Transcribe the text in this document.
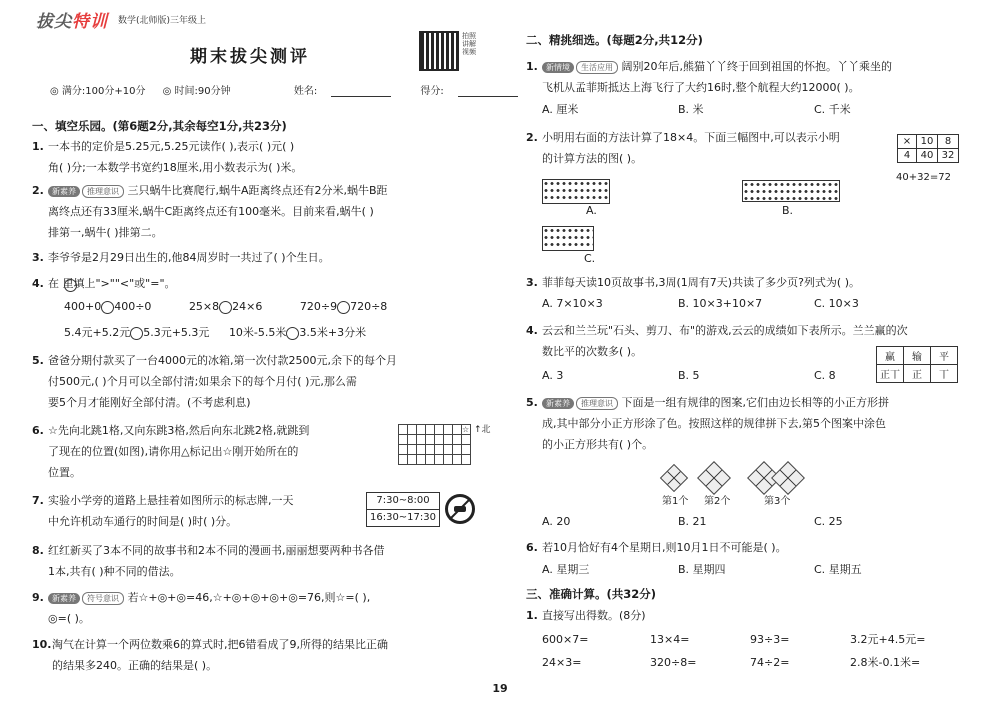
拔尖特训 数学(北师版)三年级上
期末拔尖测评
拍照讲解视频
◎ 满分:100分+10分 ◎ 时间:90分钟	姓名:	得分:
一、填空乐园。(第6题2分,其余每空1分,共23分)
1. 一本书的定价是5.25元,5.25元读作( ),表示( )元( )
角( )分;一本数学书宽约18厘米,用小数表示为( )米。
2. 新素养 推理意识 三只蜗牛比赛爬行,蜗牛A距离终点还有2分米,蜗牛B距
离终点还有33厘米,蜗牛C距离终点还有100毫米。目前来看,蜗牛( )
排第一,蜗牛( )排第二。
3. 李爷爷是2月29日出生的,他84周岁时一共过了( )个生日。
4. 在 里填上">""<"或"="。
400+0 400÷0	25×8 24×6	720÷9 720÷8
5.4元+5.2元 5.3元+5.3元 10米-5.5米 3.5米+3分米
5. 爸爸分期付款买了一台4000元的冰箱,第一次付款2500元,余下的每个月
付500元,( )个月可以全部付清;如果余下的每个月付( )元,那么需
要5个月才能刚好全部付清。(不考虑利息)
6. ☆先向北跳1格,又向东跳3格,然后向东北跳2格,就跳到
了现在的位置(如图),请你用△标记出☆刚开始所在的
位置。
☆ ↑北
7. 实验小学旁的道路上悬挂着如图所示的标志牌,一天
中允许机动车通行的时间是( )时( )分。
7:30~8:00
16:30~17:30
8. 红红新买了3本不同的故事书和2本不同的漫画书,丽丽想要两种书各借
1本,共有( )种不同的借法。
9. 新素养 符号意识 若☆+◎+◎=46,☆+◎+◎+◎+◎=76,则☆=( ),
◎=( )。
10.淘气在计算一个两位数乘6的算式时,把6错看成了9,所得的结果比正确
的结果多240。正确的结果是( )。
二、精挑细选。(每题2分,共12分)
1. 新情境 生活应用 阔别20年后,熊猫丫丫终于回到祖国的怀抱。丫丫乘坐的
飞机从孟菲斯抵达上海飞行了大约16时,整个航程大约12000( )。
A. 厘米	B. 米	C. 千米
2. 小明用右面的方法计算了18×4。下面三幅图中,可以表示小明
的计算方法的图( )。
×	10	8
4	40	32
40+32=72
A.	B.
C.
3. 菲菲每天读10页故事书,3周(1周有7天)共读了多少页?列式为( )。
A. 7×10×3	B. 10×3+10×7	C. 10×3
4. 云云和兰兰玩"石头、剪刀、布"的游戏,云云的成绩如下表所示。兰兰赢的次
数比平的次数多( )。	赢	输	平
正丅	正	丅
A. 3	B. 5	C. 8
5. 新素养 推理意识 下面是一组有规律的图案,它们由边长相等的小正方形拼
成,其中部分小正方形涂了色。按照这样的规律拼下去,第5个图案中涂色
的小正方形共有( )个。
第1个 第2个	第3个
A. 20	B. 21	C. 25
6. 若10月恰好有4个星期日,则10月1日不可能是( )。
A. 星期三	B. 星期四	C. 星期五
三、准确计算。(共32分)
1. 直接写出得数。(8分)
600×7=	13×4=	93÷3=	3.2元+4.5元=
24×3=	320÷8=	74÷2=	2.8米-0.1米=
19
